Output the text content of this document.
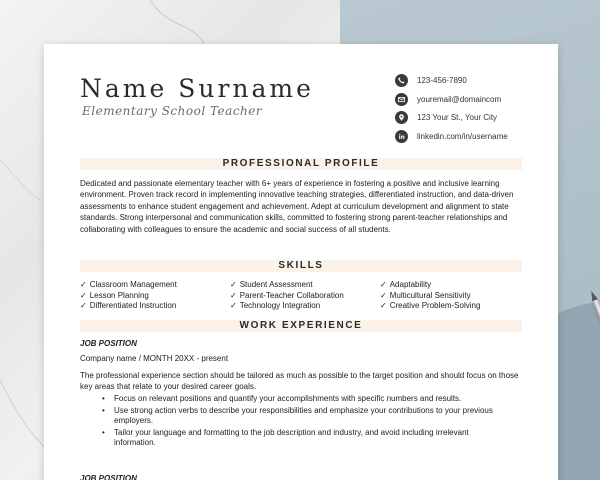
Name Surname
Elementary School Teacher
123-456-7890
youremail@domaincom
123 Your St., Your City
linkedin.com/in/username
PROFESSIONAL PROFILE
Dedicated and passionate elementary teacher with 6+ years of experience in fostering a positive and inclusive learning environment. Proven track record in implementing innovative teaching strategies, differentiated instruction, and data-driven assessments to enhance student engagement and achievement. Adept at curriculum development and alignment to state standards. Strong interpersonal and communication skills, committed to fostering strong parent-teacher relationships and collaborating with colleagues to ensure the academic and social success of all students.
SKILLS
✓ Classroom Management	✓ Student Assessment	✓ Adaptability
✓ Lesson Planning	✓ Parent-Teacher Collaboration	✓ Multicultural Sensitivity
✓ Differentiated Instruction	✓ Technology Integration	✓ Creative Problem-Solving
WORK EXPERIENCE
JOB POSITION
Company name / MONTH 20XX - present
The professional experience section should be tailored as much as possible to the target position and should focus on those key areas that relate to your desired career goals.
• Focus on relevant positions and quantify your accomplishments with specific numbers and results.
• Use strong action verbs to describe your responsibilities and emphasize your contributions to your previous employers.
• Tailor your language and formatting to the job description and industry, and avoid including irrelevant information.
JOB POSITION
